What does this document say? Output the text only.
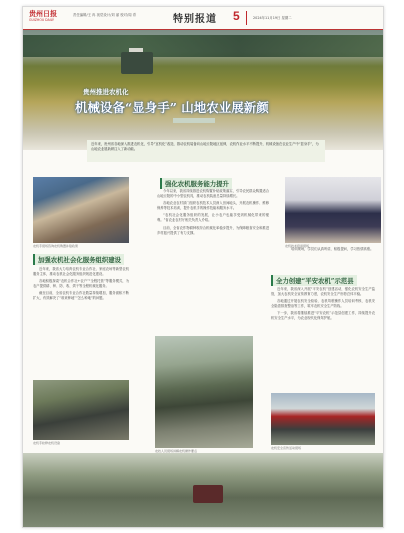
贵州日报
GUIZHOU DAILY
责任编辑/王 冉 视觉设计/刘 丽 校对/周 青	特别报道 5	2024年11月19日 星期二
贵州推进农机化
机械设备“显身手” 山地农业展新颜

近年来，贵州省各地深入推进农机化，引导“宜机化”改造，推动农机装备向山地丘陵地区延伸，农机作业水平不断提升，机械设备在农业生产中“显身手”，为山地农业展新颜注入了新动能。

强化农机服务能力提升

今年以来，我省持续推进农机购置补贴政策落实，引导农民群众购置适合山地丘陵的中小型农机具，推动农机装备总量持续增长。

各地农业农村部门组织农机技术人员深入田间地头，开展农机操作、维修保养等技术培训，提升农机手的操作技能和服务水平。

“农机社会化服务组织的发展，让小农户也能享受到机械化带来的便利。”省农业农村厅相关负责人介绍。

目前，全省农作物耕种收综合机械化率稳步提升，为保障粮食安全和推进乡村振兴提供了有力支撑。

培训现场，学员们认真听讲，积极提问，学习热情高涨。

加强农机社会化服务组织建设

近年来，我省大力培育农机专业合作社、家庭农场等新型农机服务主体，推动农机社会化服务组织规范化建设。

各地积极探索“农机合作社+农户”“全程托管”等服务模式，为农户提供耕、种、防、收、烘干等全程机械化服务。

截至目前，全省农机专业合作社数量持续增加，服务面积不断扩大，有效解决了“谁来种地”“怎么种地”的问题。

全力创建“平安农机”示范县

近年来，我省深入开展“平安农机”创建活动，强化农机安全生产监管，加大农机安全宣传教育力度，农机安全生产形势总体平稳。

各地通过开展农机安全检验、农机驾驶操作人员培训考核、农机安全隐患排查整治等工作，筑牢农机安全生产防线。

下一步，我省将继续推进“平安农机”示范县创建工作，持续提升农机安全生产水平，为农业现代化保驾护航。

农机手现场咨询农机购置补贴政策	农机技术培训现场
农技人员现场讲解农机操作要点
农机手检修农机设备
农机安全宣传活动现场
